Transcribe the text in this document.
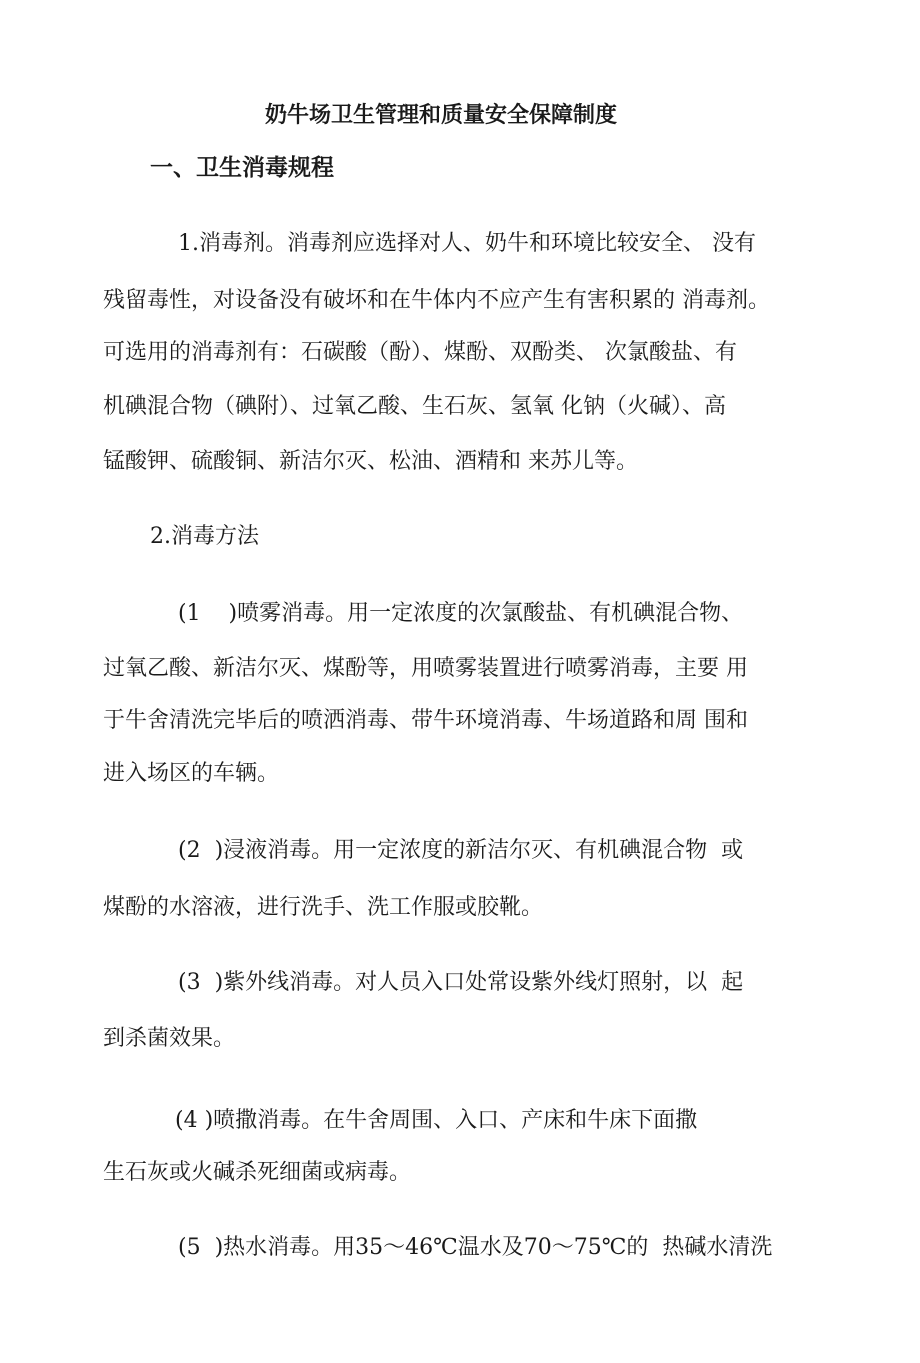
奶牛场卫生管理和质量安全保障制度
一、卫生消毒规程
1.消毒剂。消毒剂应选择对人、奶牛和环境比较安全、 没有
残留毒性，对设备没有破坏和在牛体内不应产生有害积累的 消毒剂。
可选用的消毒剂有：石碳酸（酚）、煤酚、双酚类、 次氯酸盐、有
机碘混合物（碘附）、过氧乙酸、生石灰、氢氧 化钠（火碱）、高
锰酸钾、硫酸铜、新洁尔灭、松油、酒精和 来苏儿等。
2.消毒方法
(1    )喷雾消毒。用一定浓度的次氯酸盐、有机碘混合物、
过氧乙酸、新洁尔灭、煤酚等，用喷雾装置进行喷雾消毒，主要 用
于牛舍清洗完毕后的喷洒消毒、带牛环境消毒、牛场道路和周 围和
进入场区的车辆。
(2  )浸液消毒。用一定浓度的新洁尔灭、有机碘混合物  或
煤酚的水溶液，进行洗手、洗工作服或胶靴。
(3  )紫外线消毒。对人员入口处常设紫外线灯照射，以  起
到杀菌效果。
(4 )喷撒消毒。在牛舍周围、入口、产床和牛床下面撒
生石灰或火碱杀死细菌或病毒。
(5  )热水消毒。用35〜46℃温水及70〜75℃的  热碱水清洗
